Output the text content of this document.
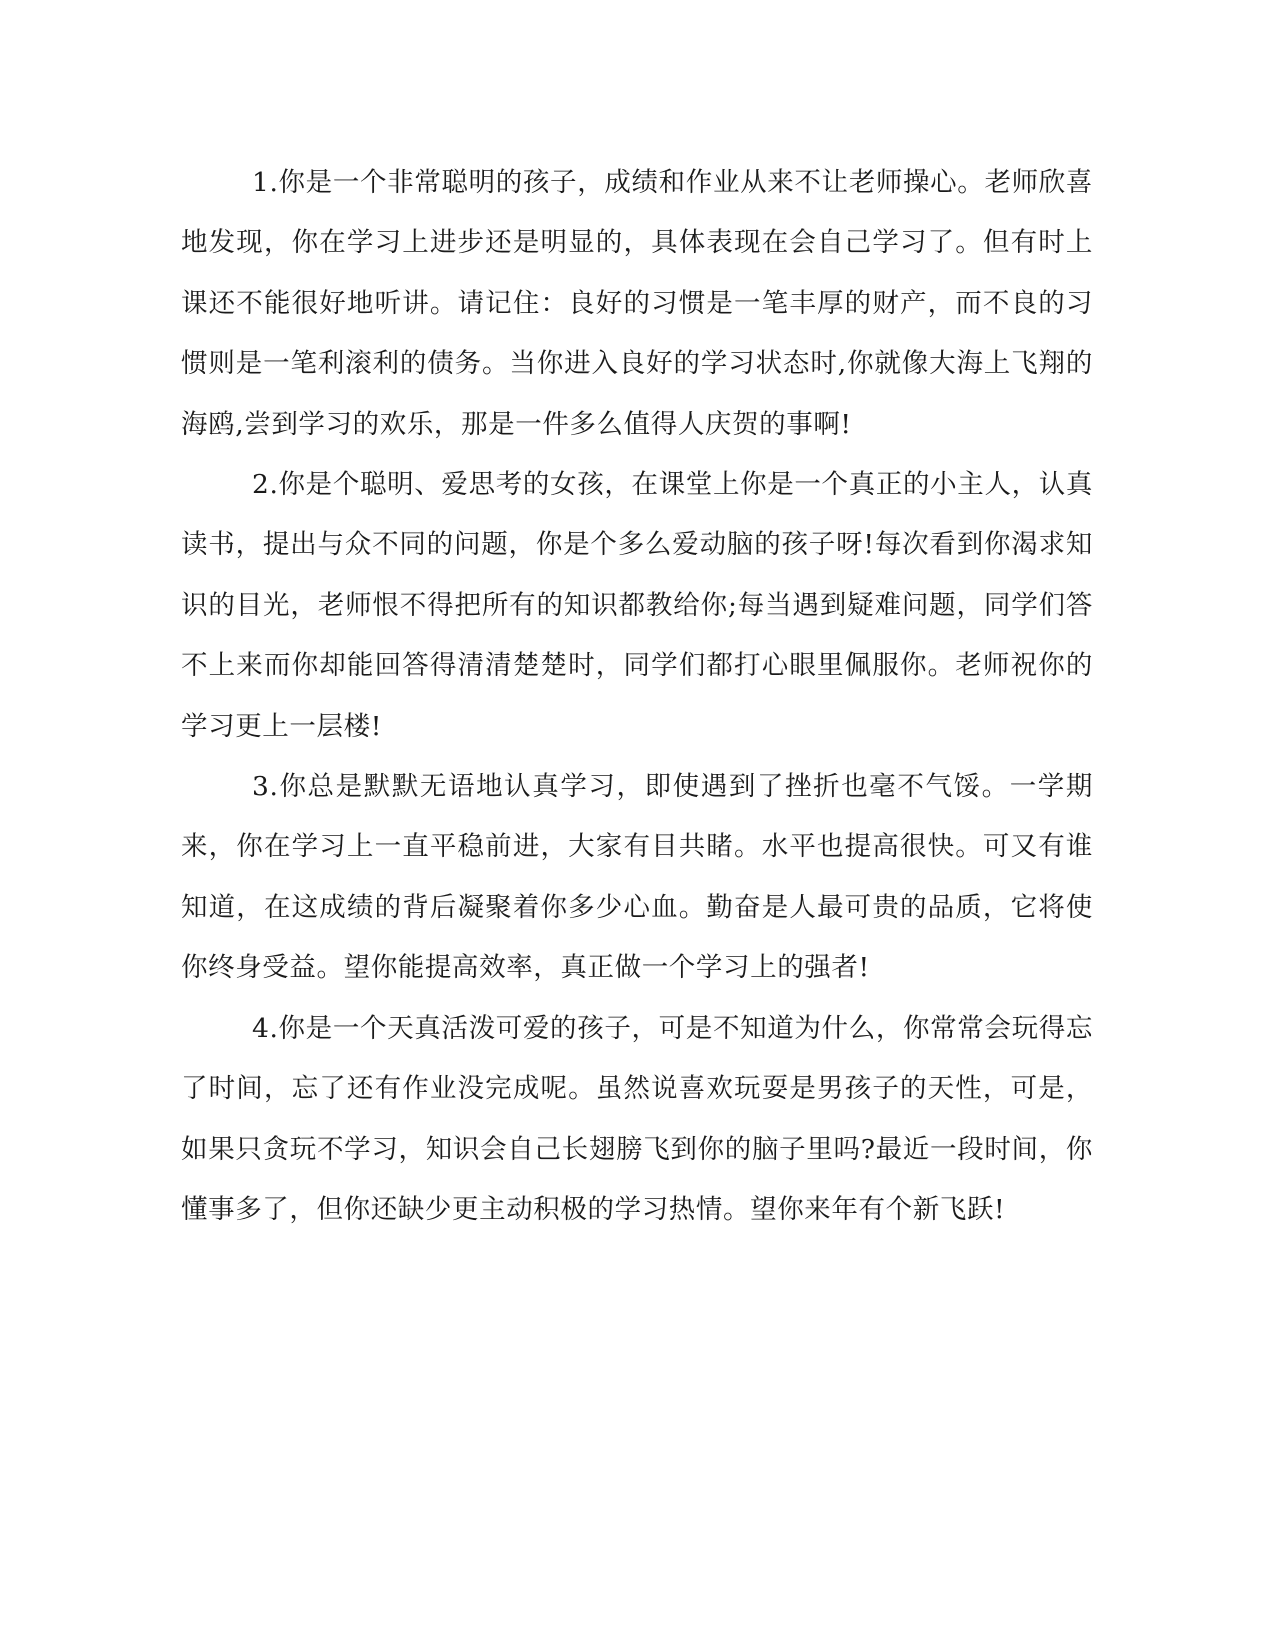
1.你是一个非常聪明的孩子，成绩和作业从来不让老师操心。老师欣喜地发现，你在学习上进步还是明显的，具体表现在会自己学习了。但有时上课还不能很好地听讲。请记住：良好的习惯是一笔丰厚的财产，而不良的习惯则是一笔利滚利的债务。当你进入良好的学习状态时,你就像大海上飞翔的海鸥,尝到学习的欢乐，那是一件多么值得人庆贺的事啊!

2.你是个聪明、爱思考的女孩，在课堂上你是一个真正的小主人，认真读书，提出与众不同的问题，你是个多么爱动脑的孩子呀!每次看到你渴求知识的目光，老师恨不得把所有的知识都教给你;每当遇到疑难问题，同学们答不上来而你却能回答得清清楚楚时，同学们都打心眼里佩服你。老师祝你的学习更上一层楼!

3.你总是默默无语地认真学习，即使遇到了挫折也毫不气馁。一学期来，你在学习上一直平稳前进，大家有目共睹。水平也提高很快。可又有谁知道，在这成绩的背后凝聚着你多少心血。勤奋是人最可贵的品质，它将使你终身受益。望你能提高效率，真正做一个学习上的强者!

4.你是一个天真活泼可爱的孩子，可是不知道为什么，你常常会玩得忘了时间，忘了还有作业没完成呢。虽然说喜欢玩耍是男孩子的天性，可是，如果只贪玩不学习，知识会自己长翅膀飞到你的脑子里吗?最近一段时间，你懂事多了，但你还缺少更主动积极的学习热情。望你来年有个新飞跃!
